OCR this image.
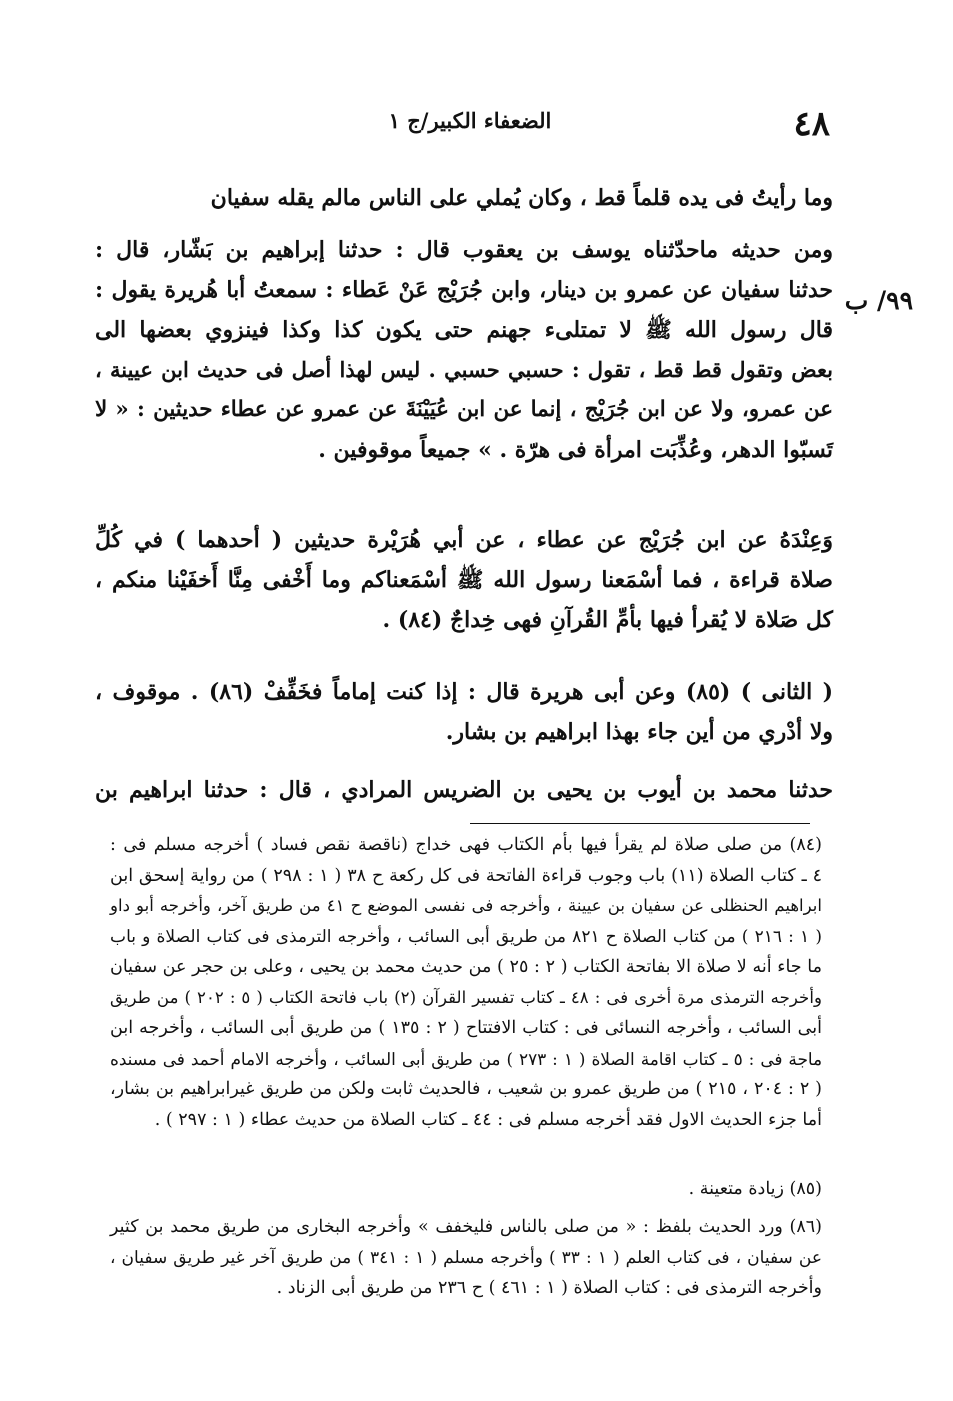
٤٨
الضعفاء الكبير/ج ١
٩٩/ ب
وما رأيتُ فى يده قلماً قط ، وكان يُملي على الناس مالم يقله سفيان
ومن حديثه ماحدّثناه يوسف بن يعقوب قال : حدثنا إبراهيم بن بَشّار، قال :
حدثنا سفيان عن عمرو بن دينار، وابن جُرَيْج عَنْ عَطاء : سمعتُ أبا هُريرة يقول :
قال رسول الله ﷺ لا تمتلىء جهنم حتى يكون كذا وكذا فينزوي بعضها الى
بعض وتقول قط قط ، تقول : حسبي حسبي . ليس لهذا أصل فى حديث ابن عيينة ،
عن عمرو، ولا عن ابن جُرَيْج ، إنما عن ابن عُيَيْنَةَ عن عمرو عن عطاء حديثين : « لا
تَسبّوا الدهر، وعُذِّبَت امرأة فى هرّة . » جميعاً موقوفين .
وَعِنْدَهُ عن ابن جُرَيْج عن عطاء ، عن أبي هُرَيْرة حديثين ( أحدهما ) في كُلِّ
صلاة قراءة ، فما أسْمَعنا رسول الله ﷺ أسْمَعناكم وما أَخْفى مِنَّا أَخفَيْنا منكم ،
كل صَلاة لا يُقرأ فيها بأمِّ القُرآنِ فهى خِداجٌ (٨٤) .
( الثانى ) (٨٥) وعن أبى هريرة قال : إذا كنت إماماً فخَفِّفْ (٨٦) . موقوف ،
ولا أدْري من أين جاء بهذا ابراهيم بن بشار.
حدثنا محمد بن أيوب بن يحيى بن الضريس المرادي ، قال : حدثنا ابراهيم بن
(٨٤) من صلى صلاة لم يقرأ فيها بأم الكتاب فهى خداج (ناقصة نقص فساد ) أخرجه مسلم فى :
٤ ـ كتاب الصلاة (١١) باب وجوب قراءة الفاتحة فى كل ركعة ح ٣٨ ( ١ : ٢٩٨ ) من رواية إسحق ابن
ابراهيم الحنظلى عن سفيان بن عيينة ، وأخرجه فى نفسى الموضع ح ٤١ من طريق آخر، وأخرجه أبو داو
( ١ : ٢١٦ ) من كتاب الصلاة ح ٨٢١ من طريق أبى السائب ، وأخرجه الترمذى فى كتاب الصلاة و باب
ما جاء أنه لا صلاة الا بفاتحة الكتاب ( ٢ : ٢٥ ) من حديث محمد بن يحيى ، وعلى بن حجر عن سفيان
وأخرجه الترمذى مرة أخرى فى : ٤٨ ـ كتاب تفسير القرآن (٢) باب فاتحة الكتاب ( ٥ : ٢٠٢ ) من طريق
أبى السائب ، وأخرجه النسائى فى : كتاب الافتتاح ( ٢ : ١٣٥ ) من طريق أبى السائب ، وأخرجه ابن
ماجة فى : ٥ ـ كتاب اقامة الصلاة ( ١ : ٢٧٣ ) من طريق أبى السائب ، وأخرجه الامام أحمد فى مسنده
( ٢ : ٢٠٤ ، ٢١٥ ) من طريق عمرو بن شعيب ، فالحديث ثابت ولكن من طريق غيرابراهيم بن بشار،
أما جزء الحديث الاول فقد أخرجه مسلم فى : ٤٤ ـ كتاب الصلاة من حديث عطاء ( ١ : ٢٩٧ ) .
(٨٥) زيادة متعينة .
(٨٦) ورد الحديث بلفظ : « من صلى بالناس فليخفف » وأخرجه البخارى من طريق محمد بن كثير
عن سفيان ، فى كتاب العلم ( ١ : ٣٣ ) وأخرجه مسلم ( ١ : ٣٤١ ) من طريق آخر غير طريق سفيان ،
وأخرجه الترمذى فى : كتاب الصلاة ( ١ : ٤٦١ ) ح ٢٣٦ من طريق أبى الزناد .
